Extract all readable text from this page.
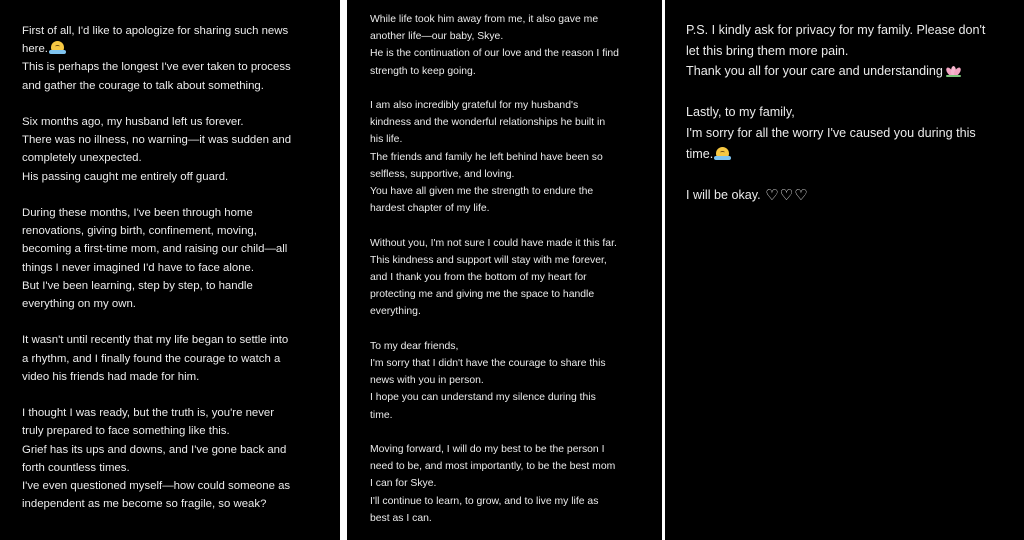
First of all, I'd like to apologize for sharing such news
here.
This is perhaps the longest I've ever taken to process
and gather the courage to talk about something.
Six months ago, my husband left us forever.
There was no illness, no warning—it was sudden and
completely unexpected.
His passing caught me entirely off guard.
During these months, I've been through home
renovations, giving birth, confinement, moving,
becoming a first-time mom, and raising our child—all
things I never imagined I'd have to face alone.
But I've been learning, step by step, to handle
everything on my own.
It wasn't until recently that my life began to settle into
a rhythm, and I finally found the courage to watch a
video his friends had made for him.
I thought I was ready, but the truth is, you're never
truly prepared to face something like this.
Grief has its ups and downs, and I've gone back and
forth countless times.
I've even questioned myself—how could someone as
independent as me become so fragile, so weak?
While life took him away from me, it also gave me
another life—our baby, Skye.
He is the continuation of our love and the reason I find
strength to keep going.
I am also incredibly grateful for my husband's
kindness and the wonderful relationships he built in
his life.
The friends and family he left behind have been so
selfless, supportive, and loving.
You have all given me the strength to endure the
hardest chapter of my life.
Without you, I'm not sure I could have made it this far.
This kindness and support will stay with me forever,
and I thank you from the bottom of my heart for
protecting me and giving me the space to handle
everything.
To my dear friends,
I'm sorry that I didn't have the courage to share this
news with you in person.
I hope you can understand my silence during this
time.
Moving forward, I will do my best to be the person I
need to be, and most importantly, to be the best mom
I can for Skye.
I'll continue to learn, to grow, and to live my life as
best as I can.
P.S. I kindly ask for privacy for my family. Please don't
let this bring them more pain.
Thank you all for your care and understanding
Lastly, to my family,
I'm sorry for all the worry I've caused you during this
time.
I will be okay. ♡♡♡
